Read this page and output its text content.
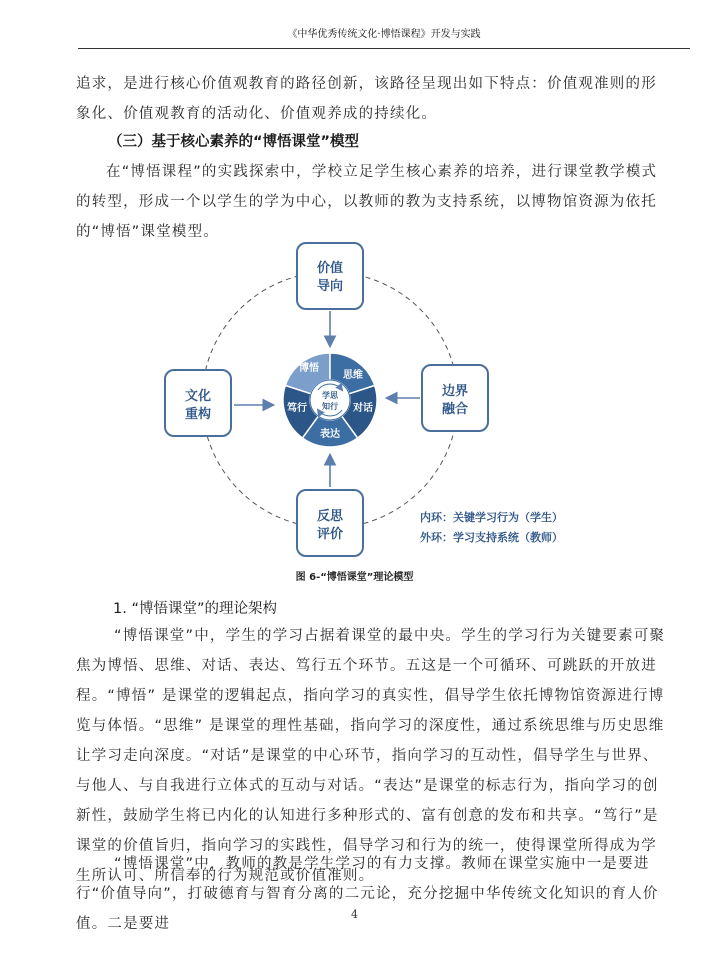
《中华优秀传统文化·博悟课程》开发与实践

追求，是进行核心价值观教育的路径创新，该路径呈现出如下特点：价值观准则的形象化、价值观教育的活动化、价值观养成的持续化。

（三）基于核心素养的“博悟课堂”模型

在“博悟课程”的实践探索中，学校立足学生核心素养的培养，进行课堂教学模式的转型，形成一个以学生的学为中心，以教师的教为支持系统，以博物馆资源为依托的“博悟”课堂模型。

博悟
思维
对话
表达
笃行
学思
知行
价值
导向
文化
重构
边界
融合
反思
评价
内环：关键学习行为（学生）
外环：学习支持系统（教师）
图 6-“博悟课堂”理论模型

1. “博悟课堂”的理论架构

“博悟课堂”中，学生的学习占据着课堂的最中央。学生的学习行为关键要素可聚焦为博悟、思维、对话、表达、笃行五个环节。五这是一个可循环、可跳跃的开放进程。“博悟” 是课堂的逻辑起点，指向学习的真实性，倡导学生依托博物馆资源进行博览与体悟。“思维” 是课堂的理性基础，指向学习的深度性，通过系统思维与历史思维让学习走向深度。“对话”是课堂的中心环节，指向学习的互动性，倡导学生与世界、与他人、与自我进行立体式的互动与对话。“表达”是课堂的标志行为，指向学习的创新性，鼓励学生将已内化的认知进行多种形式的、富有创意的发布和共享。“笃行”是课堂的价值旨归，指向学习的实践性，倡导学习和行为的统一，使得课堂所得成为学生所认可、所信奉的行为规范或价值准则。

“博悟课堂”中，教师的教是学生学习的有力支撑。教师在课堂实施中一是要进行“价值导向”，打破德育与智育分离的二元论，充分挖掘中华传统文化知识的育人价值。二是要进

4
